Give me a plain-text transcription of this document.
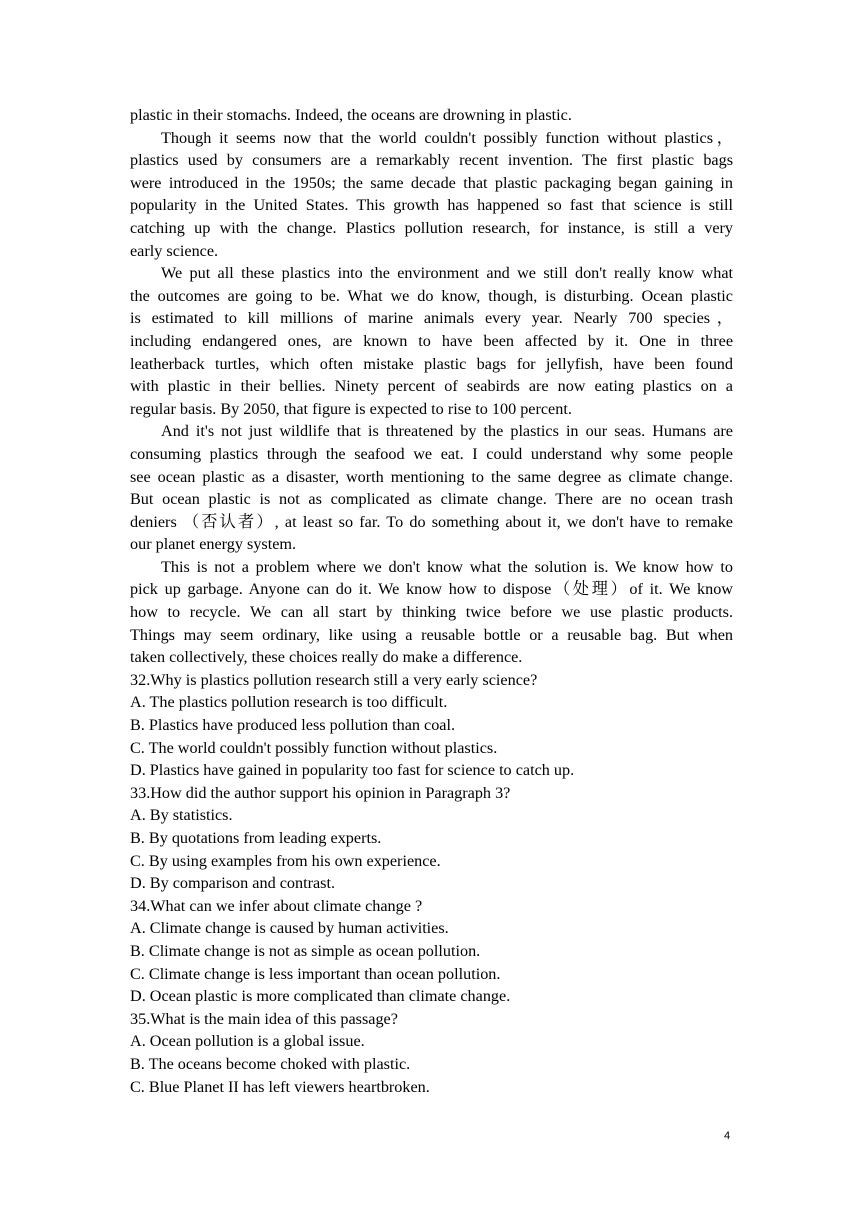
plastic in their stomachs. Indeed, the oceans are drowning in plastic.
Though it seems now that the world couldn't possibly function without plastics，
plastics used by consumers are a remarkably recent invention. The first plastic bags
were introduced in the 1950s; the same decade that plastic packaging began gaining in
popularity in the United States. This growth has happened so fast that science is still
catching up with the change. Plastics pollution research, for instance, is still a very
early science.
We put all these plastics into the environment and we still don't really know what
the outcomes are going to be. What we do know, though, is disturbing. Ocean plastic
is estimated to kill millions of marine animals every year. Nearly 700 species，
including endangered ones, are known to have been affected by it. One in three
leatherback turtles, which often mistake plastic bags for jellyfish, have been found
with plastic in their bellies. Ninety percent of seabirds are now eating plastics on a
regular basis. By 2050, that figure is expected to rise to 100 percent.
And it's not just wildlife that is threatened by the plastics in our seas. Humans are
consuming plastics through the seafood we eat. I could understand why some people
see ocean plastic as a disaster, worth mentioning to the same degree as climate change.
But ocean plastic is not as complicated as climate change. There are no ocean trash
deniers （否认者）, at least so far. To do something about it, we don't have to remake
our planet energy system.
This is not a problem where we don't know what the solution is. We know how to
pick up garbage. Anyone can do it. We know how to dispose（处理）of it. We know
how to recycle. We can all start by thinking twice before we use plastic products.
Things may seem ordinary, like using a reusable bottle or a reusable bag. But when
taken collectively, these choices really do make a difference.
32.Why is plastics pollution research still a very early science?
A. The plastics pollution research is too difficult.
B. Plastics have produced less pollution than coal.
C. The world couldn't possibly function without plastics.
D. Plastics have gained in popularity too fast for science to catch up.
33.How did the author support his opinion in Paragraph 3?
A. By statistics.
B. By quotations from leading experts.
C. By using examples from his own experience.
D. By comparison and contrast.
34.What can we infer about climate change ?
A. Climate change is caused by human activities.
B. Climate change is not as simple as ocean pollution.
C. Climate change is less important than ocean pollution.
D. Ocean plastic is more complicated than climate change.
35.What is the main idea of this passage?
A. Ocean pollution is a global issue.
B. The oceans become choked with plastic.
C. Blue Planet II has left viewers heartbroken.
4
